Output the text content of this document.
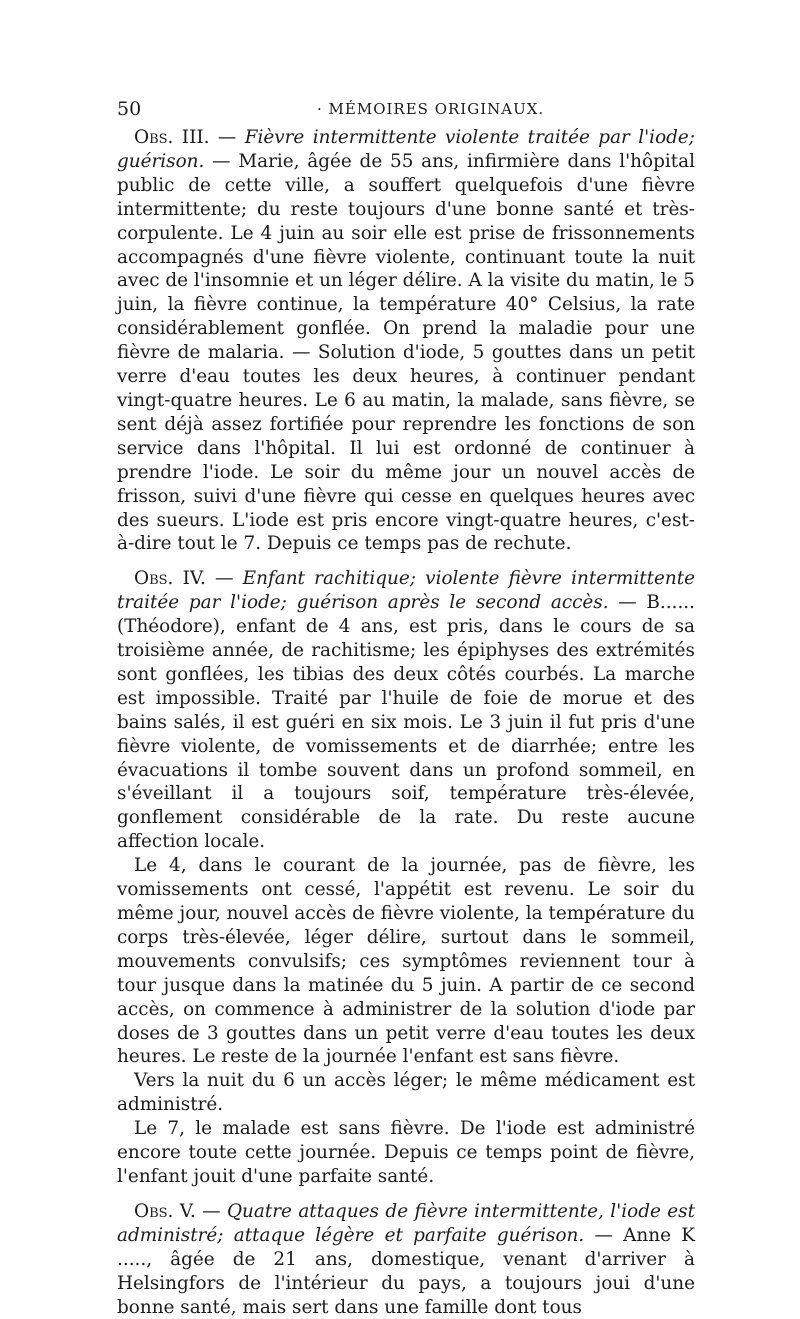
50	· MÉMOIRES ORIGINAUX.

Obs. III. — Fièvre intermittente violente traitée par l'iode; guérison. — Marie, âgée de 55 ans, infirmière dans l'hôpital public de cette ville, a souffert quelquefois d'une fièvre intermittente; du reste toujours d'une bonne santé et très-corpulente. Le 4 juin au soir elle est prise de frissonnements accompagnés d'une fièvre violente, continuant toute la nuit avec de l'insomnie et un léger délire. A la visite du matin, le 5 juin, la fièvre continue, la température 40° Celsius, la rate considérablement gonflée. On prend la maladie pour une fièvre de malaria. — Solution d'iode, 5 gouttes dans un petit verre d'eau toutes les deux heures, à continuer pendant vingt-quatre heures. Le 6 au matin, la malade, sans fièvre, se sent déjà assez fortifiée pour reprendre les fonctions de son service dans l'hôpital. Il lui est ordonné de continuer à prendre l'iode. Le soir du même jour un nouvel accès de frisson, suivi d'une fièvre qui cesse en quelques heures avec des sueurs. L'iode est pris encore vingt-quatre heures, c'est-à-dire tout le 7. Depuis ce temps pas de rechute.

Obs. IV. — Enfant rachitique; violente fièvre intermittente traitée par l'iode; guérison après le second accès. — B...... (Théodore), enfant de 4 ans, est pris, dans le cours de sa troisième année, de rachitisme; les épiphyses des extrémités sont gonflées, les tibias des deux côtés courbés. La marche est impossible. Traité par l'huile de foie de morue et des bains salés, il est guéri en six mois. Le 3 juin il fut pris d'une fièvre violente, de vomissements et de diarrhée; entre les évacuations il tombe souvent dans un profond sommeil, en s'éveillant il a toujours soif, température très-élevée, gonflement considérable de la rate. Du reste aucune affection locale.

Le 4, dans le courant de la journée, pas de fièvre, les vomissements ont cessé, l'appétit est revenu. Le soir du même jour, nouvel accès de fièvre violente, la température du corps très-élevée, léger délire, surtout dans le sommeil, mouvements convulsifs; ces symptômes reviennent tour à tour jusque dans la matinée du 5 juin. A partir de ce second accès, on commence à administrer de la solution d'iode par doses de 3 gouttes dans un petit verre d'eau toutes les deux heures. Le reste de la journée l'enfant est sans fièvre.

Vers la nuit du 6 un accès léger; le même médicament est administré.

Le 7, le malade est sans fièvre. De l'iode est administré encore toute cette journée. Depuis ce temps point de fièvre, l'enfant jouit d'une parfaite santé.

Obs. V. — Quatre attaques de fièvre intermittente, l'iode est administré; attaque légère et parfaite guérison. — Anne K ....., âgée de 21 ans, domestique, venant d'arriver à Helsingfors de l'intérieur du pays, a toujours joui d'une bonne santé, mais sert dans une famille dont tous
